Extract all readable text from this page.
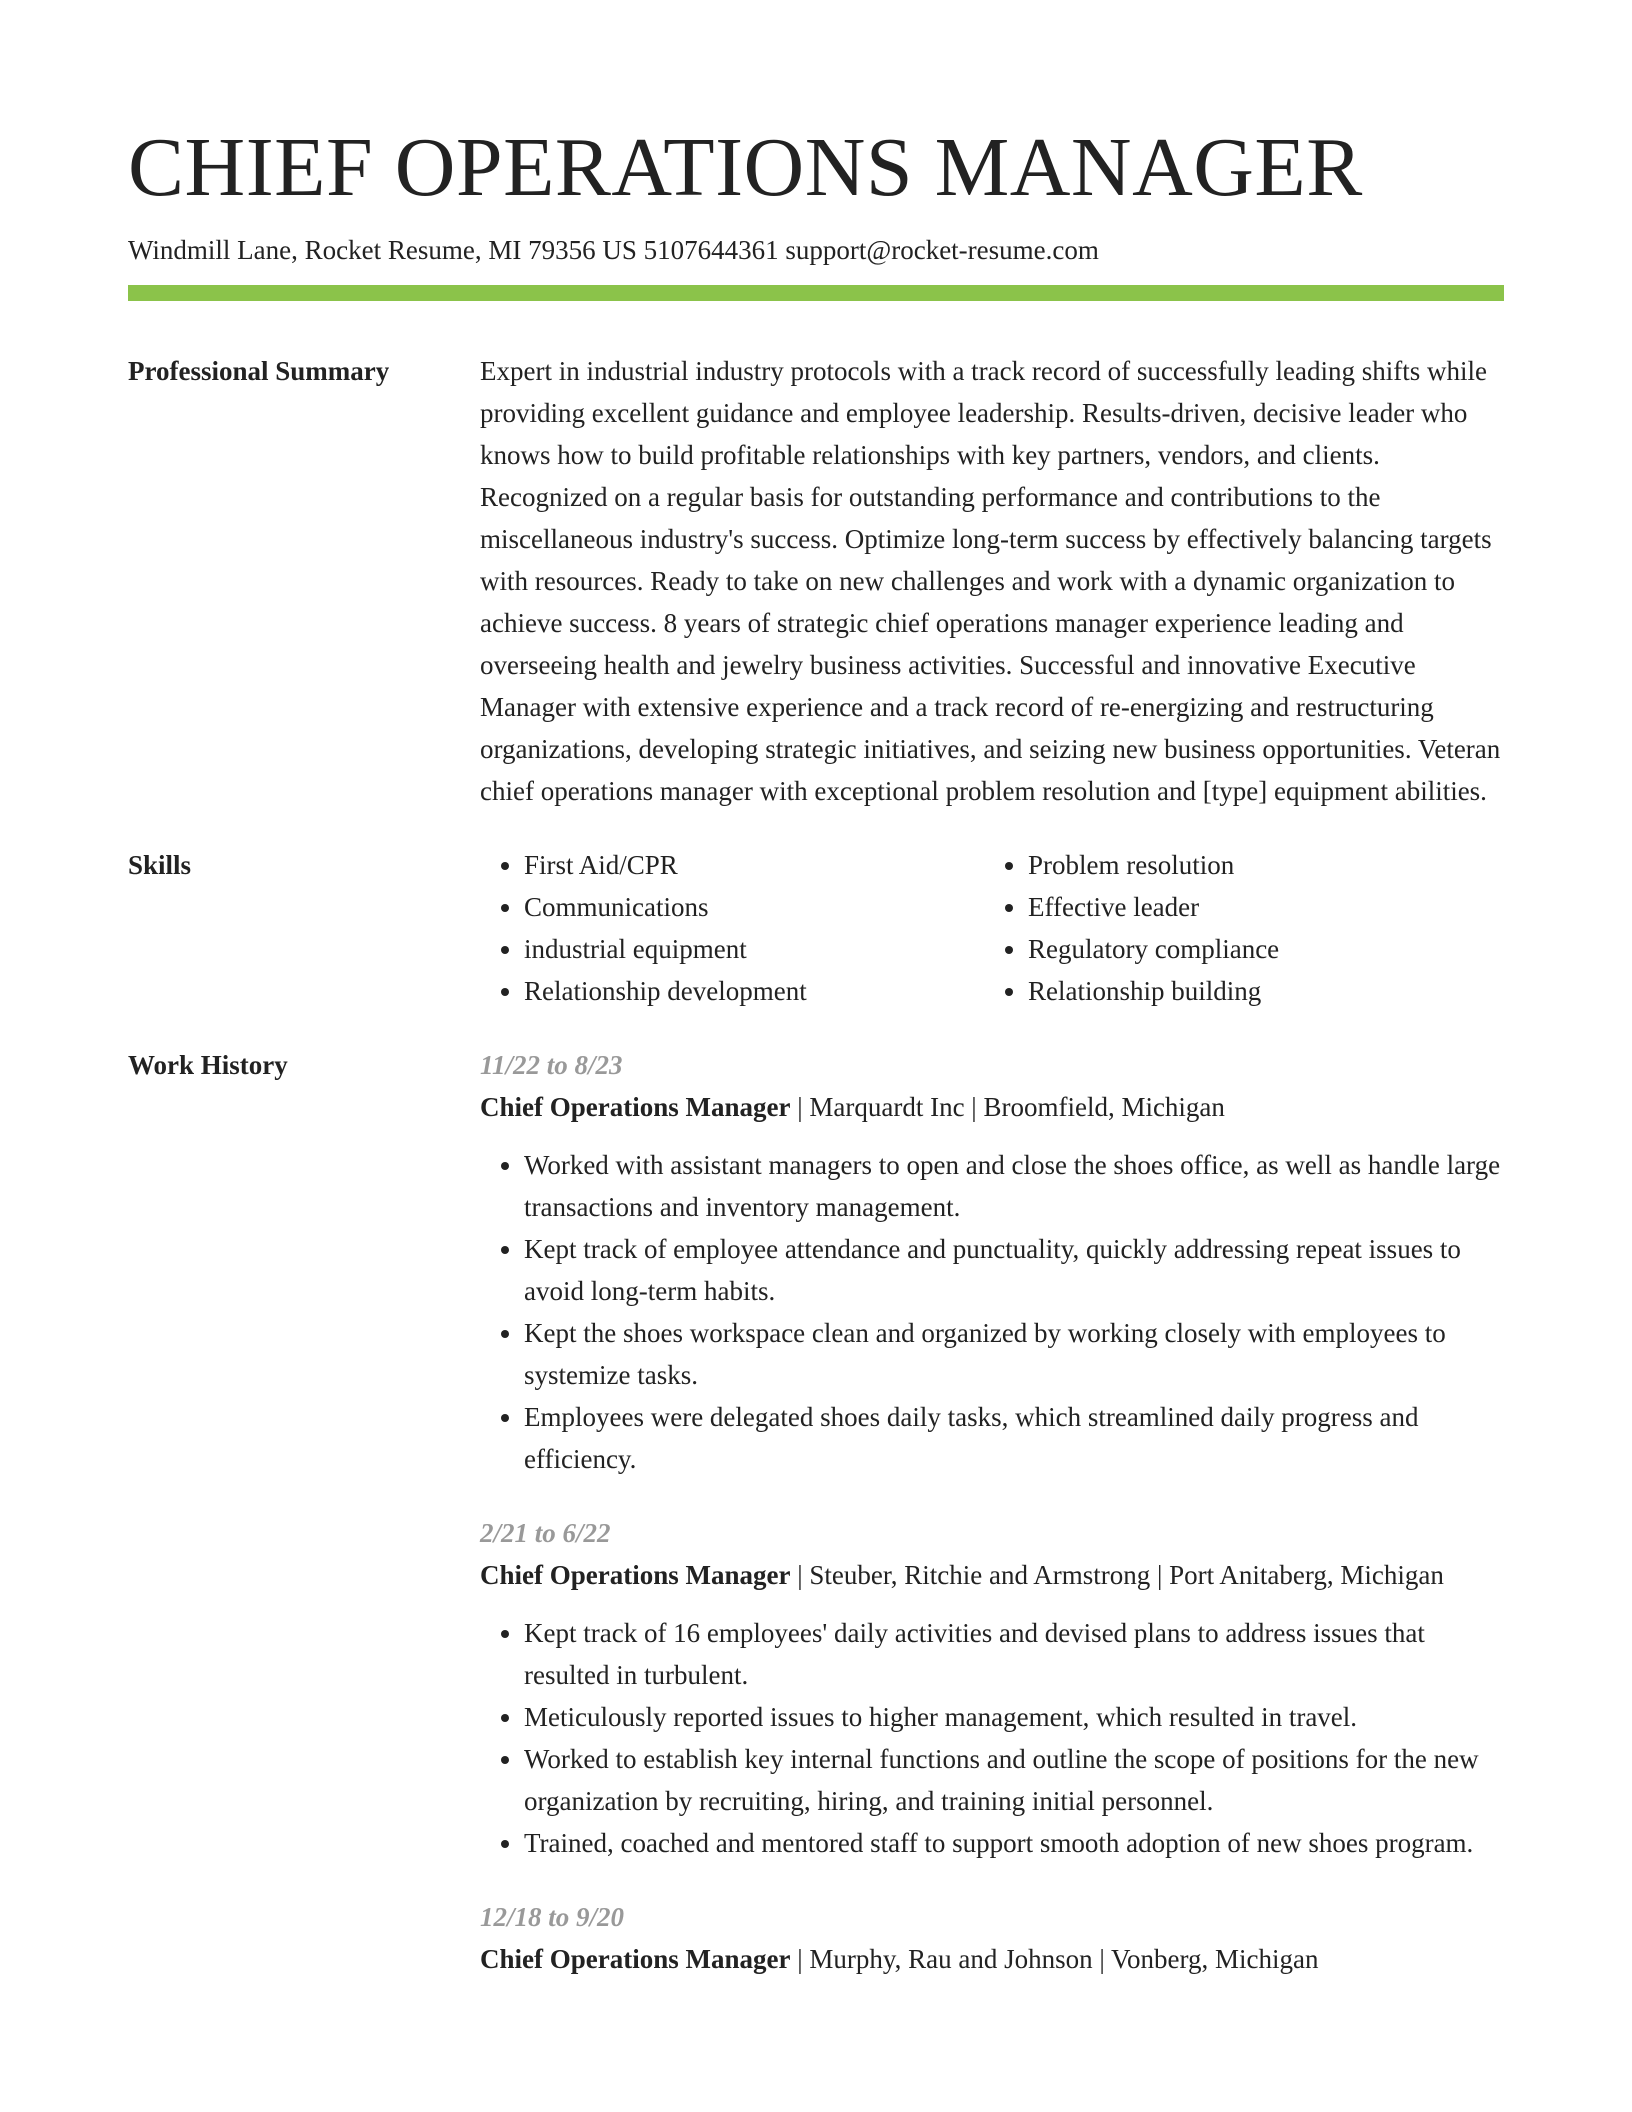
CHIEF OPERATIONS MANAGER
Windmill Lane, Rocket Resume, MI 79356 US 5107644361 support@rocket-resume.com
Professional Summary	Expert in industrial industry protocols with a track record of successfully leading shifts while providing excellent guidance and employee leadership. Results-driven, decisive leader who knows how to build profitable relationships with key partners, vendors, and clients. Recognized on a regular basis for outstanding performance and contributions to the miscellaneous industry's success. Optimize long-term success by effectively balancing targets with resources. Ready to take on new challenges and work with a dynamic organization to achieve success. 8 years of strategic chief operations manager experience leading and overseeing health and jewelry business activities. Successful and innovative Executive Manager with extensive experience and a track record of re-energizing and restructuring organizations, developing strategic initiatives, and seizing new business opportunities. Veteran chief operations manager with exceptional problem resolution and [type] equipment abilities.
Skills
•	First Aid/CPR
• Communications
• industrial equipment
• Relationship development
• Problem resolution
• Effective leader
• Regulatory compliance
• Relationship building
Work History	11/22 to 8/23
Chief Operations Manager | Marquardt Inc | Broomfield, Michigan
• Worked with assistant managers to open and close the shoes office, as well as handle large transactions and inventory management.
• Kept track of employee attendance and punctuality, quickly addressing repeat issues to avoid long-term habits.
• Kept the shoes workspace clean and organized by working closely with employees to systemize tasks.
• Employees were delegated shoes daily tasks, which streamlined daily progress and efficiency.
2/21 to 6/22
Chief Operations Manager | Steuber, Ritchie and Armstrong | Port Anitaberg, Michigan
• Kept track of 16 employees' daily activities and devised plans to address issues that resulted in turbulent.
• Meticulously reported issues to higher management, which resulted in travel.
• Worked to establish key internal functions and outline the scope of positions for the new organization by recruiting, hiring, and training initial personnel.
• Trained, coached and mentored staff to support smooth adoption of new shoes program.
12/18 to 9/20
Chief Operations Manager | Murphy, Rau and Johnson | Vonberg, Michigan
